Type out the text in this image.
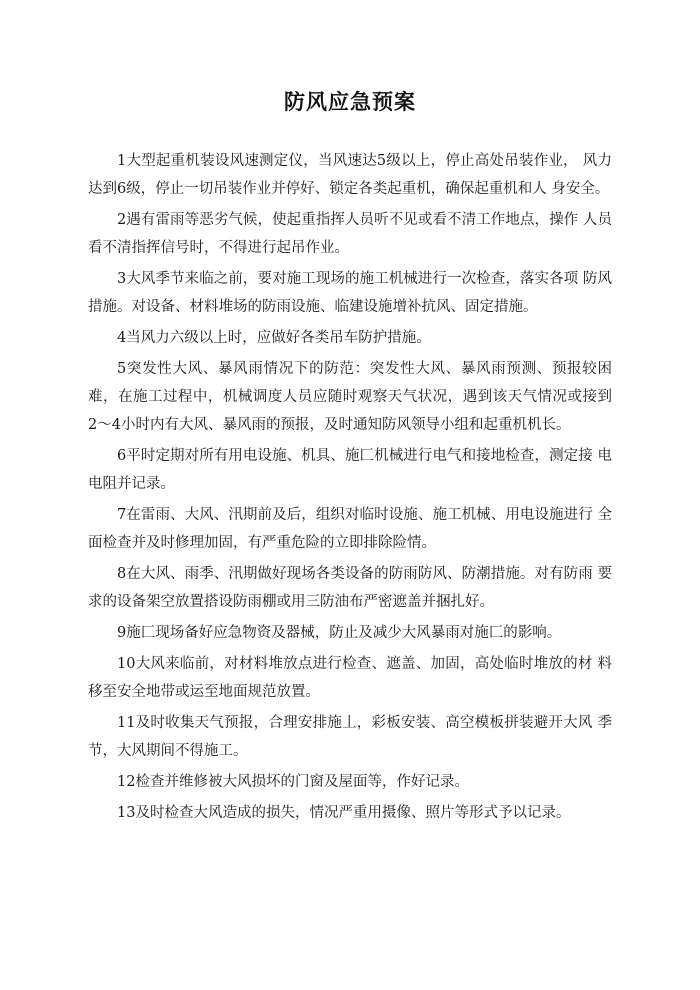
防风应急预案

1大型起重机装设风速测定仪，当风速达5级以上，停止高处吊装作业， 风力达到6级，停止一切吊装作业并停好、锁定各类起重机，确保起重机和人 身安全。

2遇有雷雨等恶劣气候，使起重指挥人员听不见或看不清工作地点，操作 人员看不清指挥信号时，不得进行起吊作业。

3大风季节来临之前，要对施工现场的施工机械进行一次检查，落实各项 防风措施。对设备、材料堆场的防雨设施、临建设施增补抗风、固定措施。

4当风力六级以上时，应做好各类吊车防护措施。

5突发性大风、暴风雨情况下的防范：突发性大风、暴风雨预测、预报较困 难，在施工过程中，机械调度人员应随时观察天气状况，遇到该天气情况或接到 2〜4小时内有大风、暴风雨的预报，及时通知防风领导小组和起重机机长。

6平时定期对所有用电设施、机具、施匚机械进行电气和接地检查，测定接 电电阻并记录。

7在雷雨、大风、汛期前及后，组织对临时设施、施工机械、用电设施进行 全面检查并及时修理加固，有严重危险的立即排除险情。

8在大风、雨季、汛期做好现场各类设备的防雨防风、防潮措施。对有防雨 要求的设备架空放置搭设防雨棚或用三防油布严密遮盖并捆扎好。

9施匚现场备好应急物资及器械，防止及减少大风暴雨对施匚的影响。

10大风来临前，对材料堆放点进行检查、遮盖、加固，高处临时堆放的材 料移至安全地带或运至地面规范放置。

11及时收集天气预报，合理安排施丄，彩板安装、高空模板拼装避开大风 季节，大风期间不得施工。

12检查并维修被大风损坏的门窗及屋面等，作好记录。

13及时检查大风造成的损失，情况严重用摄像、照片等形式予以记录。
